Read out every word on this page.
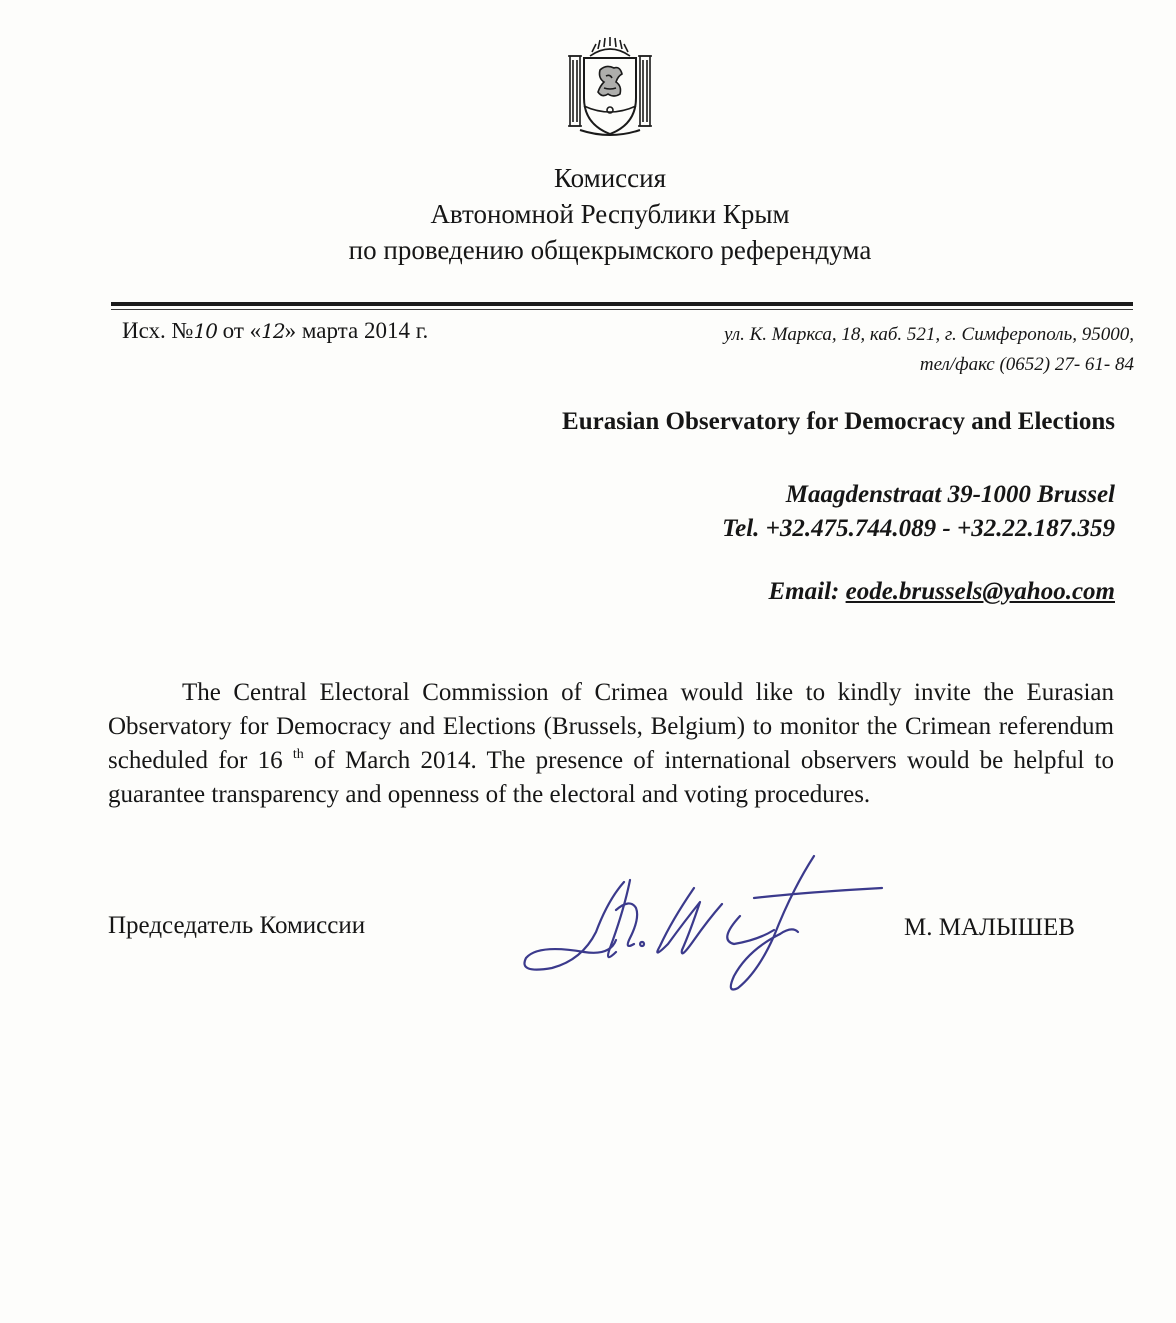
Комиссия
Автономной Республики Крым
по проведению общекрымского референдума
Исх. №10 от «12» марта 2014 г.	ул. К. Маркса, 18, каб. 521, г. Симферополь, 95000,
тел/факс (0652) 27- 61- 84
Eurasian Observatory for Democracy and Elections
Maagdenstraat 39-1000 Brussel
Tel. +32.475.744.089 - +32.22.187.359
Email: eode.brussels@yahoo.com
The Central Electoral Commission of Crimea would like to kindly invite the Eurasian Observatory for Democracy and Elections (Brussels, Belgium) to monitor the Crimean referendum scheduled for 16 $^{th}$ of March 2014. The presence of international observers would be helpful to guarantee transparency and openness of the electoral and voting procedures.
Председатель Комиссии	М. МАЛЫШЕВ
